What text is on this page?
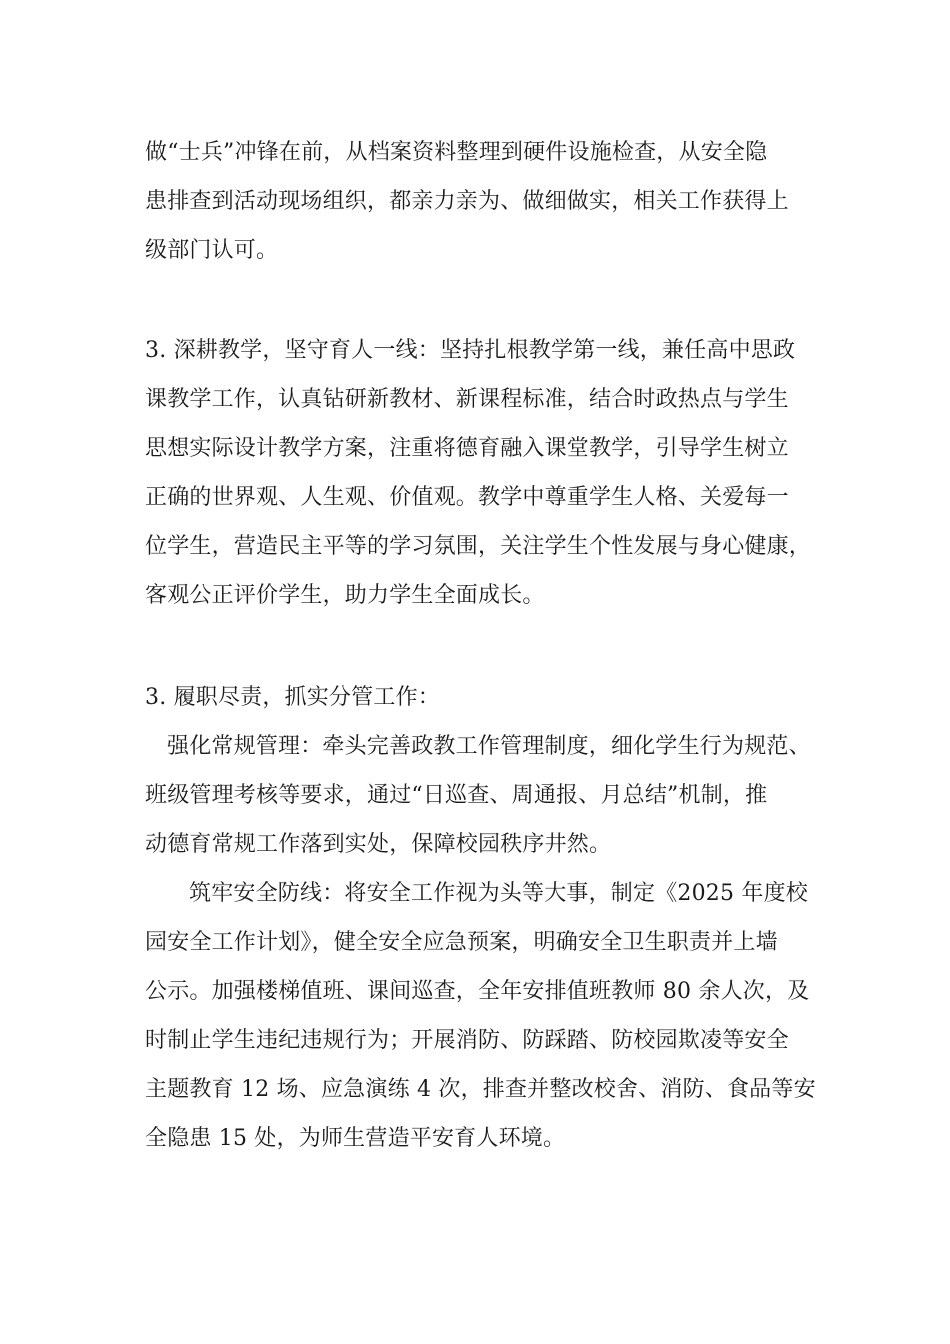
做“士兵”冲锋在前，从档案资料整理到硬件设施检查，从安全隐
患排查到活动现场组织，都亲力亲为、做细做实，相关工作获得上
级部门认可。
3. 深耕教学，坚守育人一线：坚持扎根教学第一线，兼任高中思政
课教学工作，认真钻研新教材、新课程标准，结合时政热点与学生
思想实际设计教学方案，注重将德育融入课堂教学，引导学生树立
正确的世界观、人生观、价值观。教学中尊重学生人格、关爱每一
位学生，营造民主平等的学习氛围，关注学生个性发展与身心健康，
客观公正评价学生，助力学生全面成长。
3. 履职尽责，抓实分管工作：
强化常规管理：牵头完善政教工作管理制度，细化学生行为规范、
班级管理考核等要求，通过“日巡查、周通报、月总结”机制，推
动德育常规工作落到实处，保障校园秩序井然。
筑牢安全防线：将安全工作视为头等大事，制定《2025 年度校
园安全工作计划》，健全安全应急预案，明确安全卫生职责并上墙
公示。加强楼梯值班、课间巡查，全年安排值班教师 80 余人次，及
时制止学生违纪违规行为；开展消防、防踩踏、防校园欺凌等安全
主题教育 12 场、应急演练 4 次，排查并整改校舍、消防、食品等安
全隐患 15 处，为师生营造平安育人环境。
